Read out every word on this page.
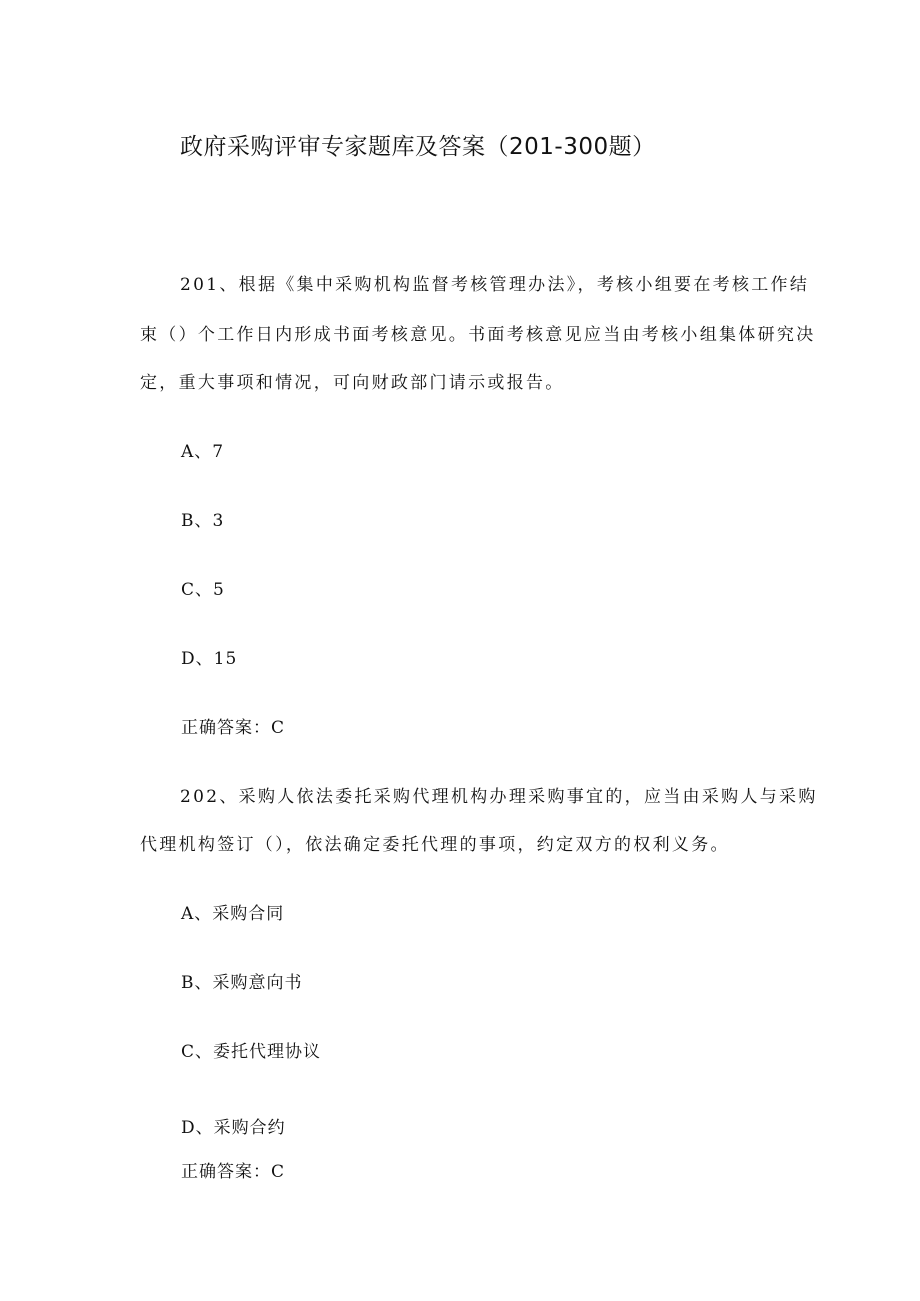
政府采购评审专家题库及答案（201-300题）
201、根据《集中采购机构监督考核管理办法》，考核小组要在考核工作结
束（）个工作日内形成书面考核意见。书面考核意见应当由考核小组集体研究决
定，重大事项和情况，可向财政部门请示或报告。
A、7
B、3
C、5
D、15
正确答案：C
202、采购人依法委托采购代理机构办理采购事宜的，应当由采购人与采购
代理机构签订（），依法确定委托代理的事项，约定双方的权利义务。
A、采购合同
B、采购意向书
C、委托代理协议
D、采购合约
正确答案：C
